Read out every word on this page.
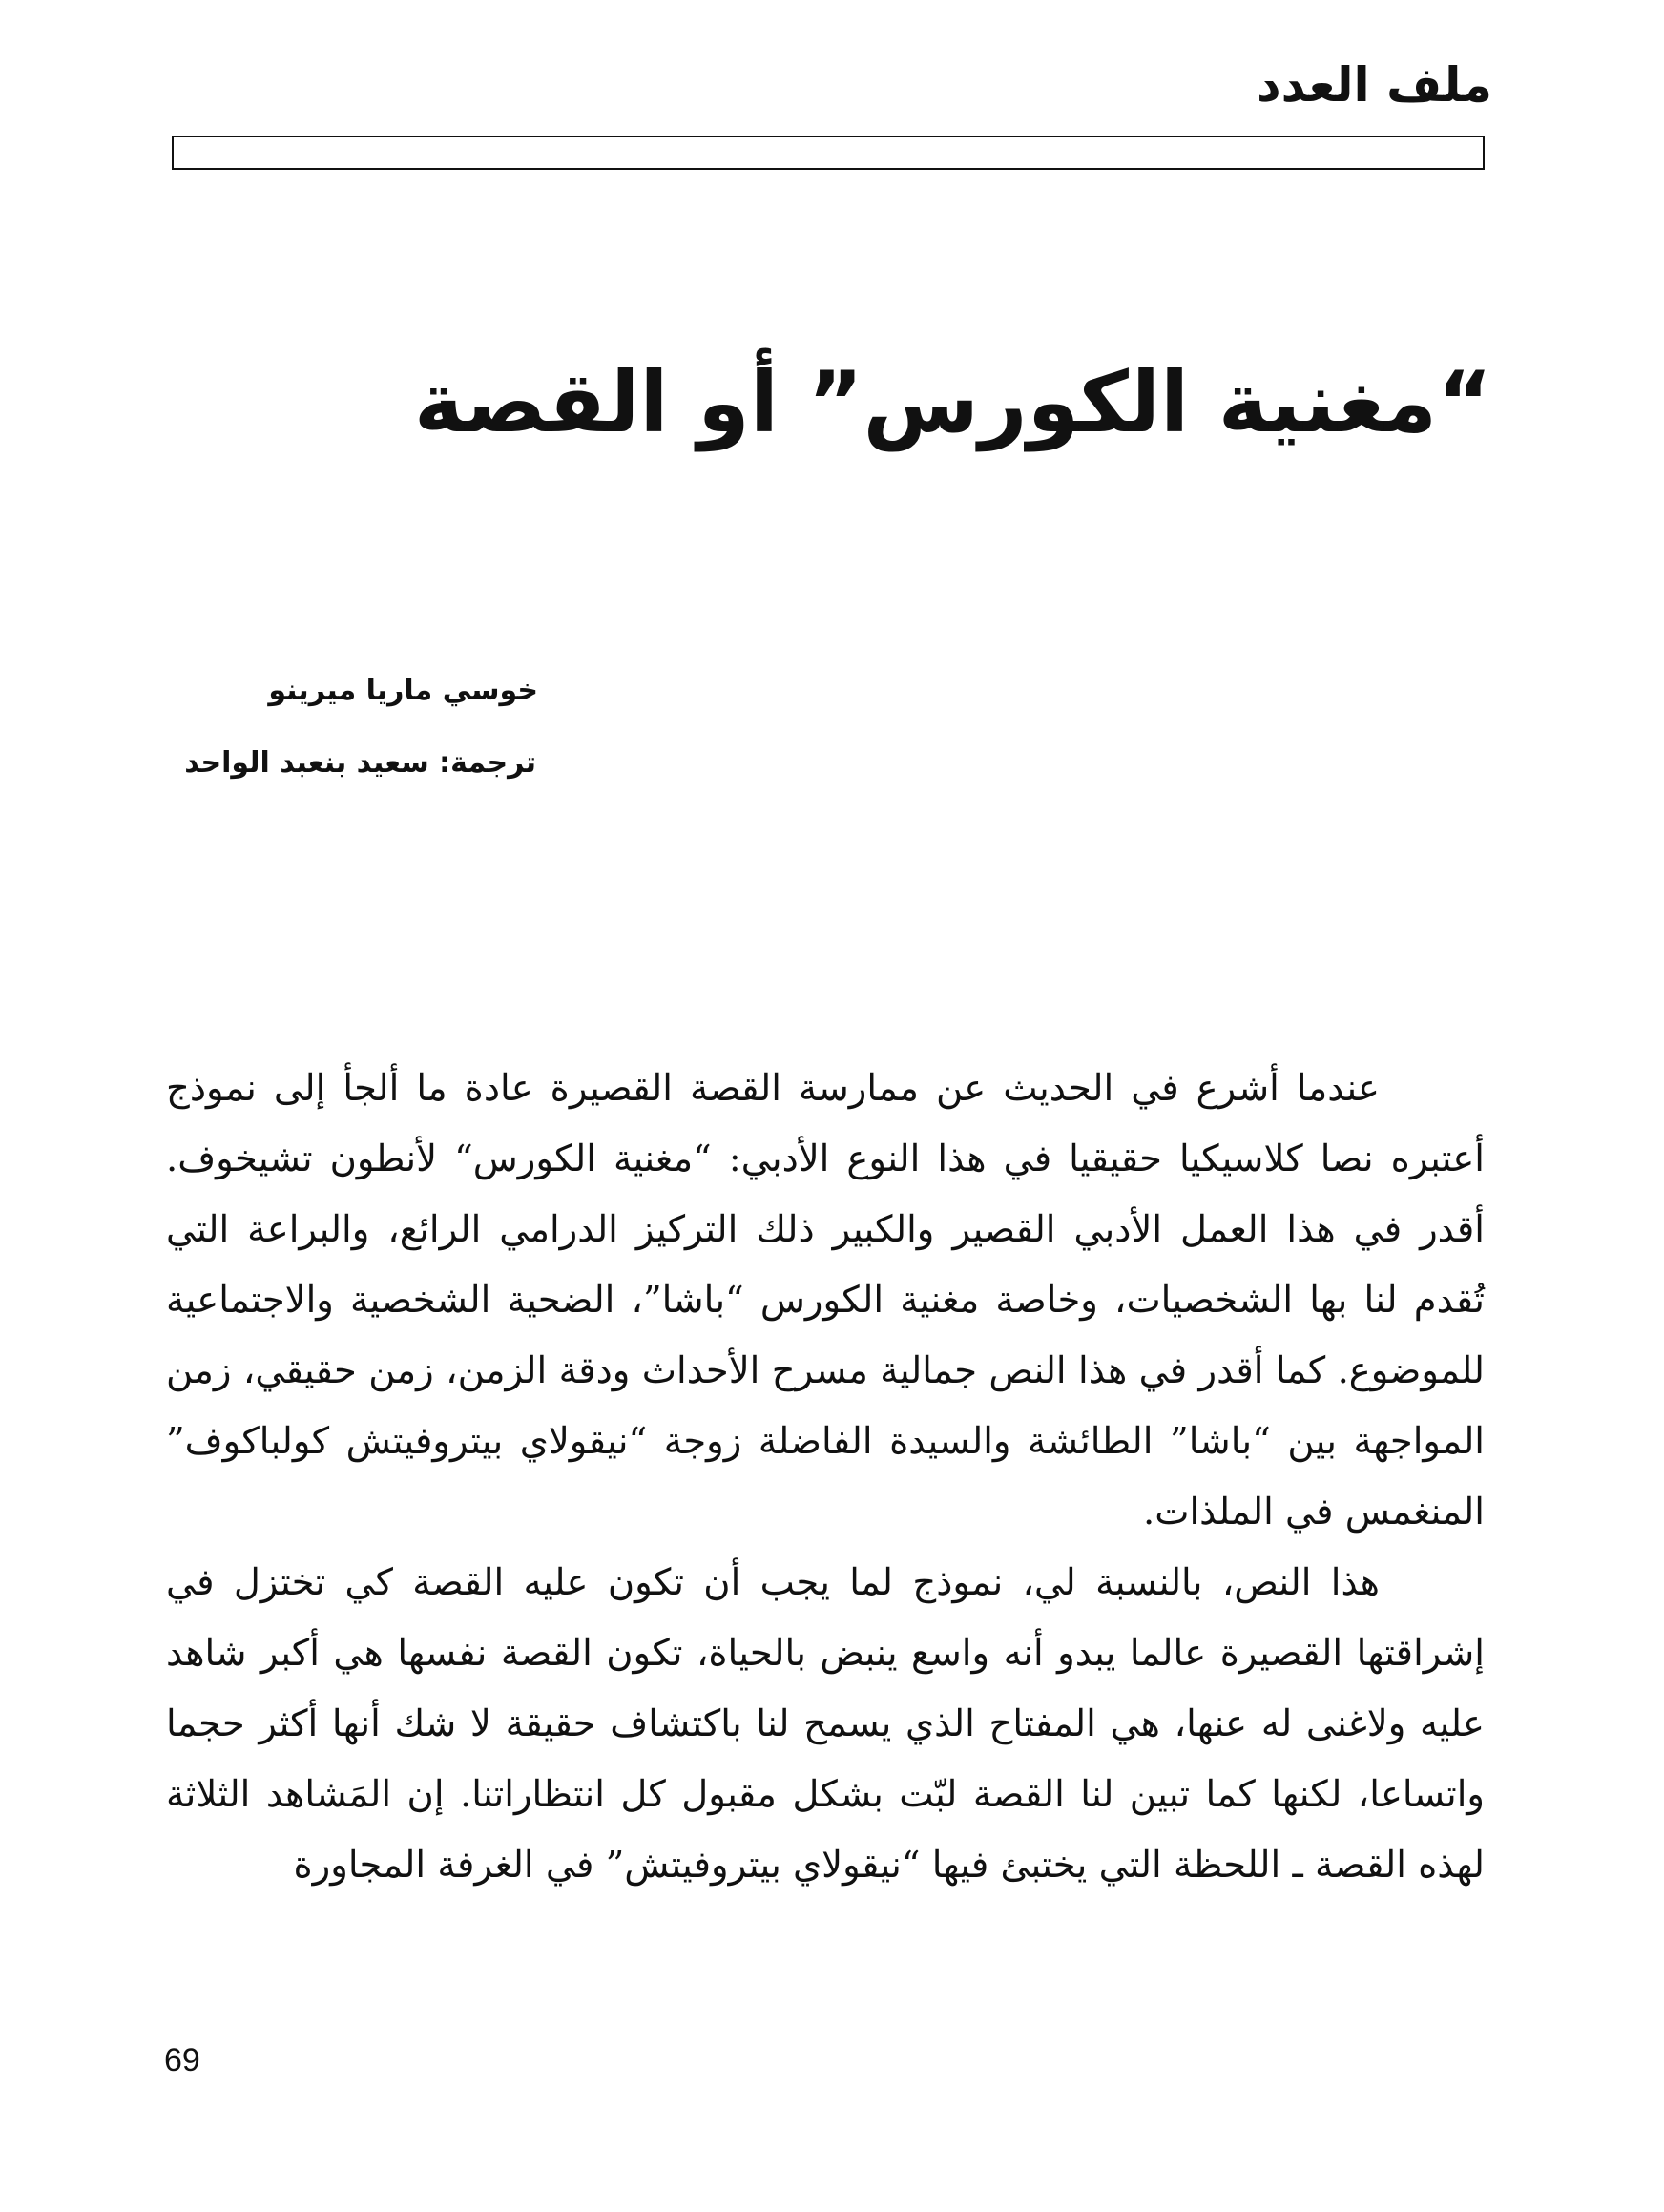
ملف العدد
“مغنية الكورس” أو القصة
خوسي ماريا ميرينو
ترجمة: سعيد بنعبد الواحد

عندما أشرع في الحديث عن ممارسة القصة القصيرة عادة ما ألجأ إلى نموذج أعتبره نصا كلاسيكيا حقيقيا في هذا النوع الأدبي: “مغنية الكورس“ لأنطون تشيخوف. أقدر في هذا العمل الأدبي القصير والكبير ذلك التركيز الدرامي الرائع، والبراعة التي تُقدم لنا بها الشخصيات، وخاصة مغنية الكورس “باشا”، الضحية الشخصية والاجتماعية للموضوع. كما أقدر في هذا النص جمالية مسرح الأحداث ودقة الزمن، زمن حقيقي، زمن المواجهة بين “باشا” الطائشة والسيدة الفاضلة زوجة “نيقولاي بيتروفيتش كولباكوف” المنغمس في الملذات.

هذا النص، بالنسبة لي، نموذج لما يجب أن تكون عليه القصة كي تختزل في إشراقتها القصيرة عالما يبدو أنه واسع ينبض بالحياة، تكون القصة نفسها هي أكبر شاهد عليه ولاغنى له عنها، هي المفتاح الذي يسمح لنا باكتشاف حقيقة لا شك أنها أكثر حجما واتساعا، لكنها كما تبين لنا القصة لبّت بشكل مقبول كل انتظاراتنا. إن المَشاهد الثلاثة لهذه القصة ـ اللحظة التي يختبئ فيها “نيقولاي بيتروفيتش” في الغرفة المجاورة

69
